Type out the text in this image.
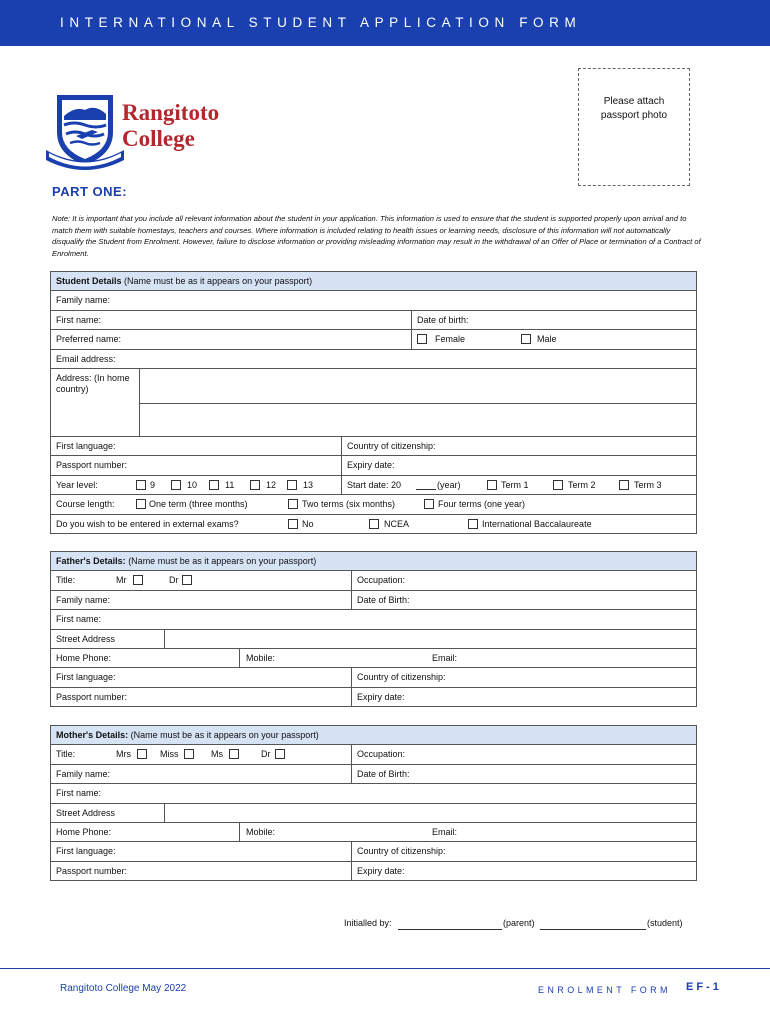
INTERNATIONAL STUDENT APPLICATION FORM
Rangitoto
College
Please attach
passport photo
PART ONE:
Note: It is important that you include all relevant information about the student in your application. This information is used to ensure that the student is supported properly upon arrival and to match them with suitable homestays, teachers and courses. Where information is included relating to health issues or learning needs, disclosure of this information will not automatically disqualify the Student from Enrolment. However, failure to disclose information or providing misleading information may result in the withdrawal of an Offer of Place or termination of a Contract of Enrolment.
Student Details (Name must be as it appears on your passport)
Family name:
First name:	Date of birth:
Preferred name:	Female	Male
Email address:
Address: (In home country)
First language:	Country of citizenship:
Passport number:	Expiry date:
Year level:	9	10	11	12	13	Start date: 20	(year)	Term 1	Term 2	Term 3
Course length:	One term (three months)	Two terms (six months)	Four terms (one year)
Do you wish to be entered in external exams?	No	NCEA	International Baccalaureate
Father's Details: (Name must be as it appears on your passport)
Title:	Mr	Dr	Occupation:
Family name:	Date of Birth:
First name:
Street Address
Home Phone:	Mobile:	Email:
First language:	Country of citizenship:
Passport number:	Expiry date:
Mother's Details: (Name must be as it appears on your passport)
Title:	Mrs	Miss	Ms	Dr	Occupation:
Family name:	Date of Birth:
First name:
Street Address
Home Phone:	Mobile:	Email:
First language:	Country of citizenship:
Passport number:	Expiry date:
Initialled by:	(parent)	(student)
Rangitoto College May 2022	ENROLMENT FORM EF-1
